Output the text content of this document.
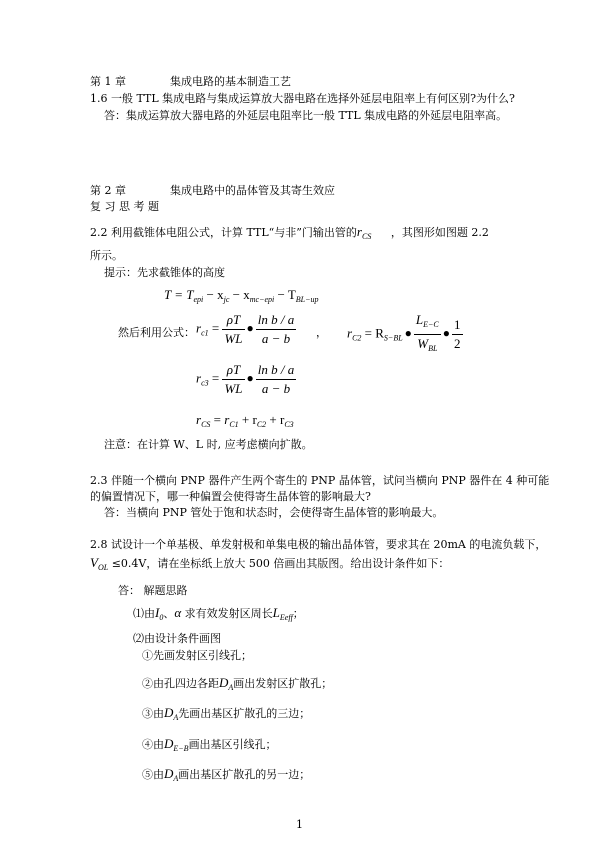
第 1 章	集成电路的基本制造工艺
1.6 一般 TTL 集成电路与集成运算放大器电路在选择外延层电阻率上有何区别?为什么?
答：集成运算放大器电路的外延层电阻率比一般 TTL 集成电路的外延层电阻率高。
第 2 章	集成电路中的晶体管及其寄生效应
复 习 思 考 题
2.2 利用截锥体电阻公式，计算 TTL“与非”门输出管的$r_{CS}$ ，其图形如图题 2.2
所示。
提示：先求截锥体的高度
$T = T_{epi} - x_{jc} - x_{mc-epi} - T_{BL-up}$
然后利用公式： $r_{c1} = \frac{\rho T}{WL}$ ● $\frac{\text{ln b / a}}{a - b}$ ， $r_{C2} = R_{S-BL}$ ● $\frac{L_{E-C}}{W_{BL}}$ ● $\frac{1}{2}$
$r_{c3} = \frac{\rho T}{WL}$ ● $\frac{\text{ln b / a}}{a - b}$
$r_{CS} = r_{C1} + r_{C2} + r_{C3}$
注意：在计算 W、L 时, 应考虑横向扩散。
2.3 伴随一个横向 PNP 器件产生两个寄生的 PNP 晶体管，试问当横向 PNP 器件在 4 种可能
的偏置情况下，哪一种偏置会使得寄生晶体管的影响最大?
答：当横向 PNP 管处于饱和状态时，会使得寄生晶体管的影响最大。
2.8 试设计一个单基极、单发射极和单集电极的输出晶体管，要求其在 20mA 的电流负载下，
$V_{OL} \le 0.4V$，请在坐标纸上放大 500 倍画出其版图。给出设计条件如下：
答： 解题思路
⑴由$I_0$、α 求有效发射区周长$L_{Eeff}$；
⑵由设计条件画图
①先画发射区引线孔；
②由孔四边各距$D_A$画出发射区扩散孔；
③由$D_A$先画出基区扩散孔的三边；
④由$D_{E-B}$画出基区引线孔；
⑤由$D_A$画出基区扩散孔的另一边；
1
